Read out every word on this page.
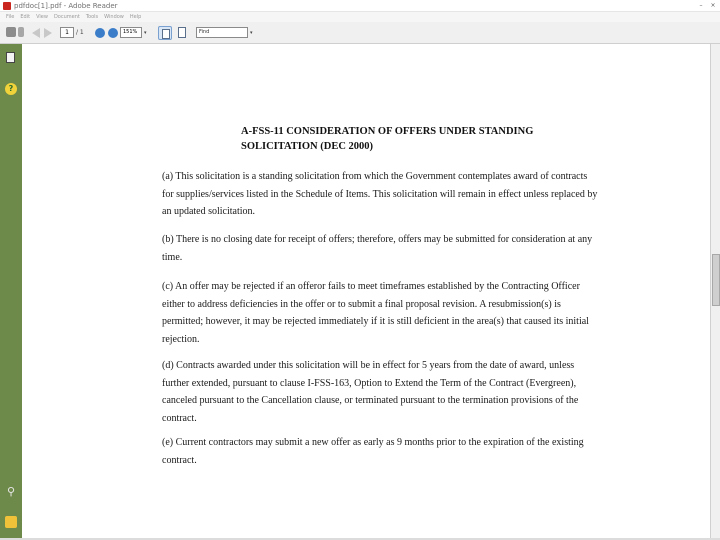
pdfdoc[1].pdf - Adobe Reader	–	×
File Edit View Document Tools Window Help
1	/ 1	151%	▾	Find	▾
?
⚲
A-FSS-11 CONSIDERATION OF OFFERS UNDER STANDING SOLICITATION (DEC 2000)
(a) This solicitation is a standing solicitation from which the Government contemplates award of contracts for supplies/services listed in the Schedule of Items. This solicitation will remain in effect unless replaced by an updated solicitation.
(b) There is no closing date for receipt of offers; therefore, offers may be submitted for consideration at any time.
(c) An offer may be rejected if an offeror fails to meet timeframes established by the Contracting Officer either to address deficiencies in the offer or to submit a final proposal revision. A resubmission(s) is permitted; however, it may be rejected immediately if it is still deficient in the area(s) that caused its initial rejection.
(d) Contracts awarded under this solicitation will be in effect for 5 years from the date of award, unless further extended, pursuant to clause I-FSS-163, Option to Extend the Term of the Contract (Evergreen), canceled pursuant to the Cancellation clause, or terminated pursuant to the termination provisions of the contract.
(e) Current contractors may submit a new offer as early as 9 months prior to the expiration of the existing contract.
